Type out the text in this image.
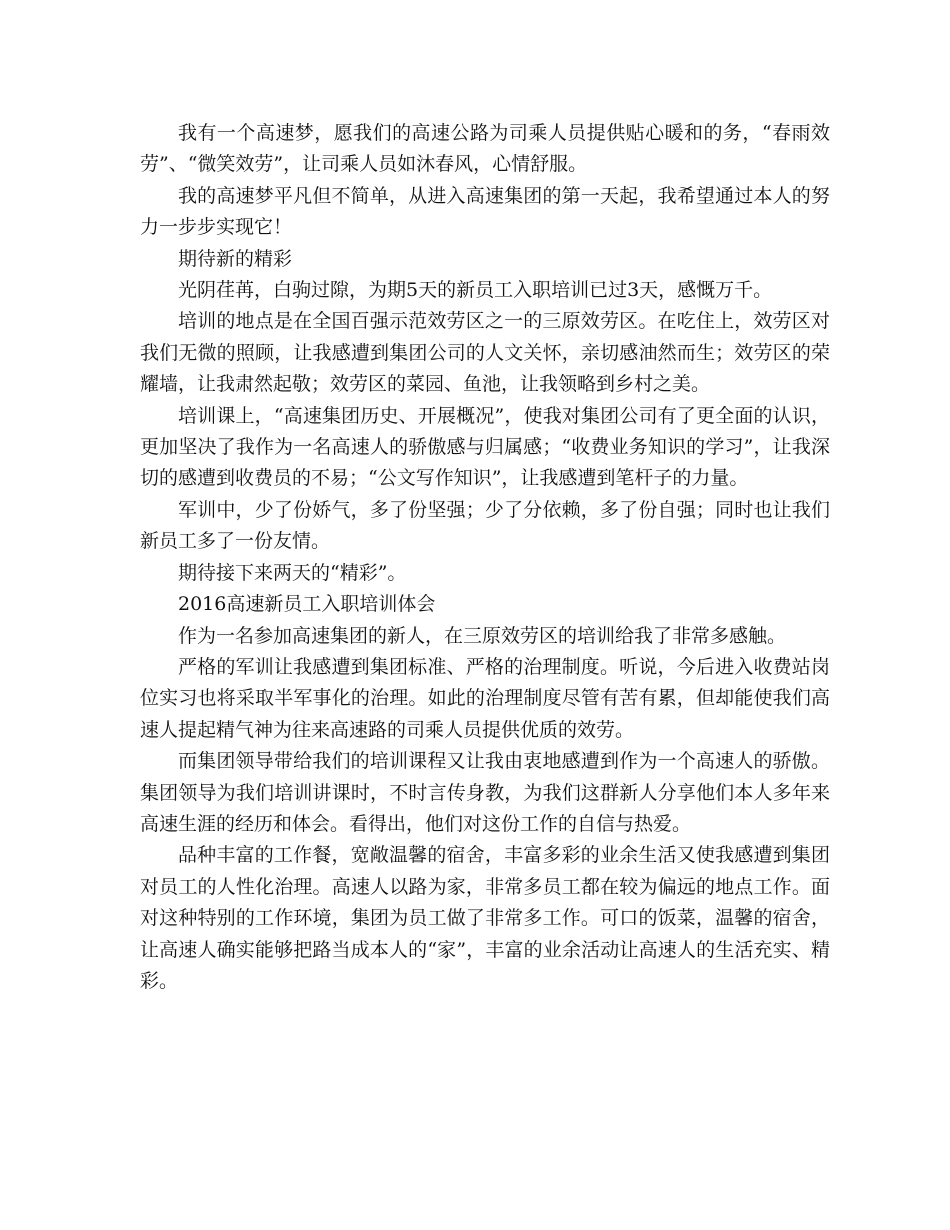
我有一个高速梦，愿我们的高速公路为司乘人员提供贴心暖和的务，“春雨效劳”、“微笑效劳”，让司乘人员如沐春风，心情舒服。

我的高速梦平凡但不简单，从进入高速集团的第一天起，我希望通过本人的努力一步步实现它！

期待新的精彩

光阴荏苒，白驹过隙，为期5天的新员工入职培训已过3天，感慨万千。

培训的地点是在全国百强示范效劳区之一的三原效劳区。在吃住上，效劳区对我们无微的照顾，让我感遭到集团公司的人文关怀，亲切感油然而生；效劳区的荣耀墙，让我肃然起敬；效劳区的菜园、鱼池，让我领略到乡村之美。

培训课上，“高速集团历史、开展概况”，使我对集团公司有了更全面的认识，更加坚决了我作为一名高速人的骄傲感与归属感；“收费业务知识的学习”，让我深切的感遭到收费员的不易；“公文写作知识”，让我感遭到笔杆子的力量。

军训中，少了份娇气，多了份坚强；少了分依赖，多了份自强；同时也让我们新员工多了一份友情。

期待接下来两天的“精彩”。

2016高速新员工入职培训体会

作为一名参加高速集团的新人，在三原效劳区的培训给我了非常多感触。

严格的军训让我感遭到集团标准、严格的治理制度。听说，今后进入收费站岗位实习也将采取半军事化的治理。如此的治理制度尽管有苦有累，但却能使我们高速人提起精气神为往来高速路的司乘人员提供优质的效劳。

而集团领导带给我们的培训课程又让我由衷地感遭到作为一个高速人的骄傲。集团领导为我们培训讲课时，不时言传身教，为我们这群新人分享他们本人多年来高速生涯的经历和体会。看得出，他们对这份工作的自信与热爱。

品种丰富的工作餐，宽敞温馨的宿舍，丰富多彩的业余生活又使我感遭到集团对员工的人性化治理。高速人以路为家，非常多员工都在较为偏远的地点工作。面对这种特别的工作环境，集团为员工做了非常多工作。可口的饭菜，温馨的宿舍，让高速人确实能够把路当成本人的“家”，丰富的业余活动让高速人的生活充实、精彩。
